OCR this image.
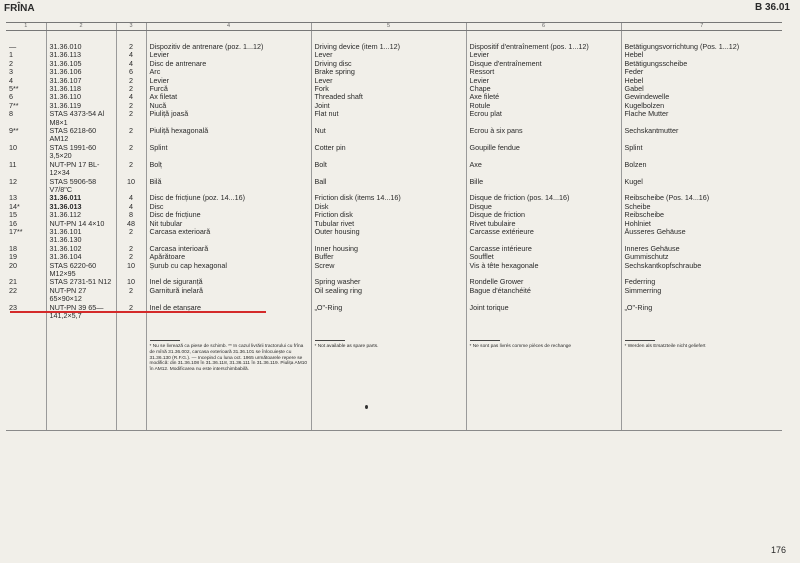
FRÎNA	B 36.01
1	2	3	4	5	6	7
—	31.36.010	2	Dispozitiv de antrenare (poz. 1...12)	Driving device (item 1...12)	Dispositif d'entraînement (pos. 1...12)	Betätigungsvorrichtung (Pos. 1...12)
1	31.36.113	4	Levier	Lever	Levier	Hebel
2	31.36.105	4	Disc de antrenare	Driving disc	Disque d'entraînement	Betätigungsscheibe
3	31.36.106	6	Arc	Brake spring	Ressort	Feder
4	31.36.107	2	Levier	Lever	Levier	Hebel
5**	31.36.118	2	Furcă	Fork	Chape	Gabel
6	31.36.110	4	Ax filetat	Threaded shaft	Axe fileté	Gewindewelle
7**	31.36.119	2	Nucă	Joint	Rotule	Kugelbolzen
8	STAS 4373-54 Al M8×1	2	Piuliță joasă	Flat nut	Ecrou plat	Flache Mutter
9**	STAS 6218-60 AM12	2	Piuliță hexagonală	Nut	Ecrou à six pans	Sechskantmutter
10	STAS 1991-60 3,5×20	2	Splint	Cotter pin	Goupille fendue	Splint
11	NUT-PN 17 BL-12×34	2	Bolț	Bolt	Axe	Bolzen
12	STAS 5906-58 V7/8"C	10	Bilă	Ball	Bille	Kugel
13	31.36.011	4	Disc de fricțiune (poz. 14...16)	Friction disk (items 14...16)	Disque de friction (pos. 14...16)	Reibscheibe (Pos. 14...16)
14*	31.36.013	4	Disc	Disk	Disque	Scheibe
15	31.36.112	8	Disc de fricțiune	Friction disk	Disque de friction	Reibscheibe
16	NUT-PN 14 4×10	48	Nit tubular	Tubular rivet	Rivet tubulaire	Hohlniet
17**	31.36.101 31.36.130	2	Carcasa exterioară	Outer housing	Carcasse extérieure	Äusseres Gehäuse
18	31.36.102	2	Carcasa interioară	Inner housing	Carcasse intérieure	Inneres Gehäuse
19	31.36.104	2	Apărătoare	Buffer	Soufflet	Gummischutz
20	STAS 6220-60 M12×95	10	Șurub cu cap hexagonal	Screw	Vis à tête hexagonale	Sechskantkopfschraube
21	STAS 2731-51 N12	10	Inel de siguranță	Spring washer	Rondelle Grower	Federring
22	NUT-PN 27 65×90×12	2	Garnitură inelară	Oil sealing ring	Bague d'étanchéité	Simmerring
23	NUT-PN 39 65—141,2×5,7	2	Inel de etanșare	„O"-Ring	Joint torique	„O"-Ring

* Nu se livrează ca piese de schimb. ** In cazul livrării tractorului cu frîna de mînă 31.36.002, carcasa exterioară 31.36.101 se înlocuiește cu 31.36.130 (R.F.G.). — Incepind cu luna oct. 1965 următoarele repere se modifică: din 31.36.108 în 31.36.118, 31.36.111 în 31.36.119. Piulița AM10 în AM12. Modificarea nu este interschimbabilă.	* Not available as spare parts.	* Ne sont pas livrés comme pièces de rechange	* Werden als Ersatzteile nicht geliefert
176
